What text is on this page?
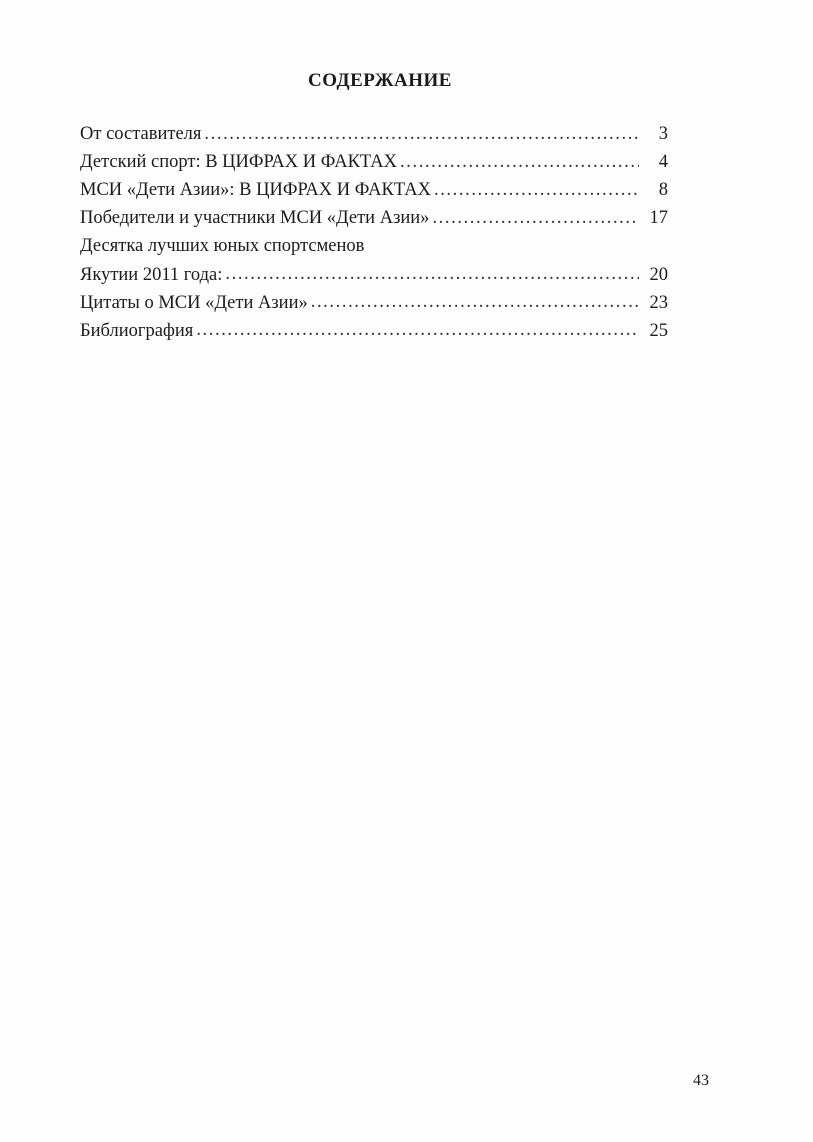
СОДЕРЖАНИЕ
От составителя .....	3
Детский спорт: В ЦИФРАХ И ФАКТАХ .....	4
МСИ «Дети Азии»: В ЦИФРАХ И ФАКТАХ .....	8
Победители и участники МСИ «Дети Азии» .....	17
Десятка лучших юных спортсменов
Якутии 2011 года: .....	20
Цитаты о МСИ «Дети Азии» .....	23
Библиография .....	25
43
